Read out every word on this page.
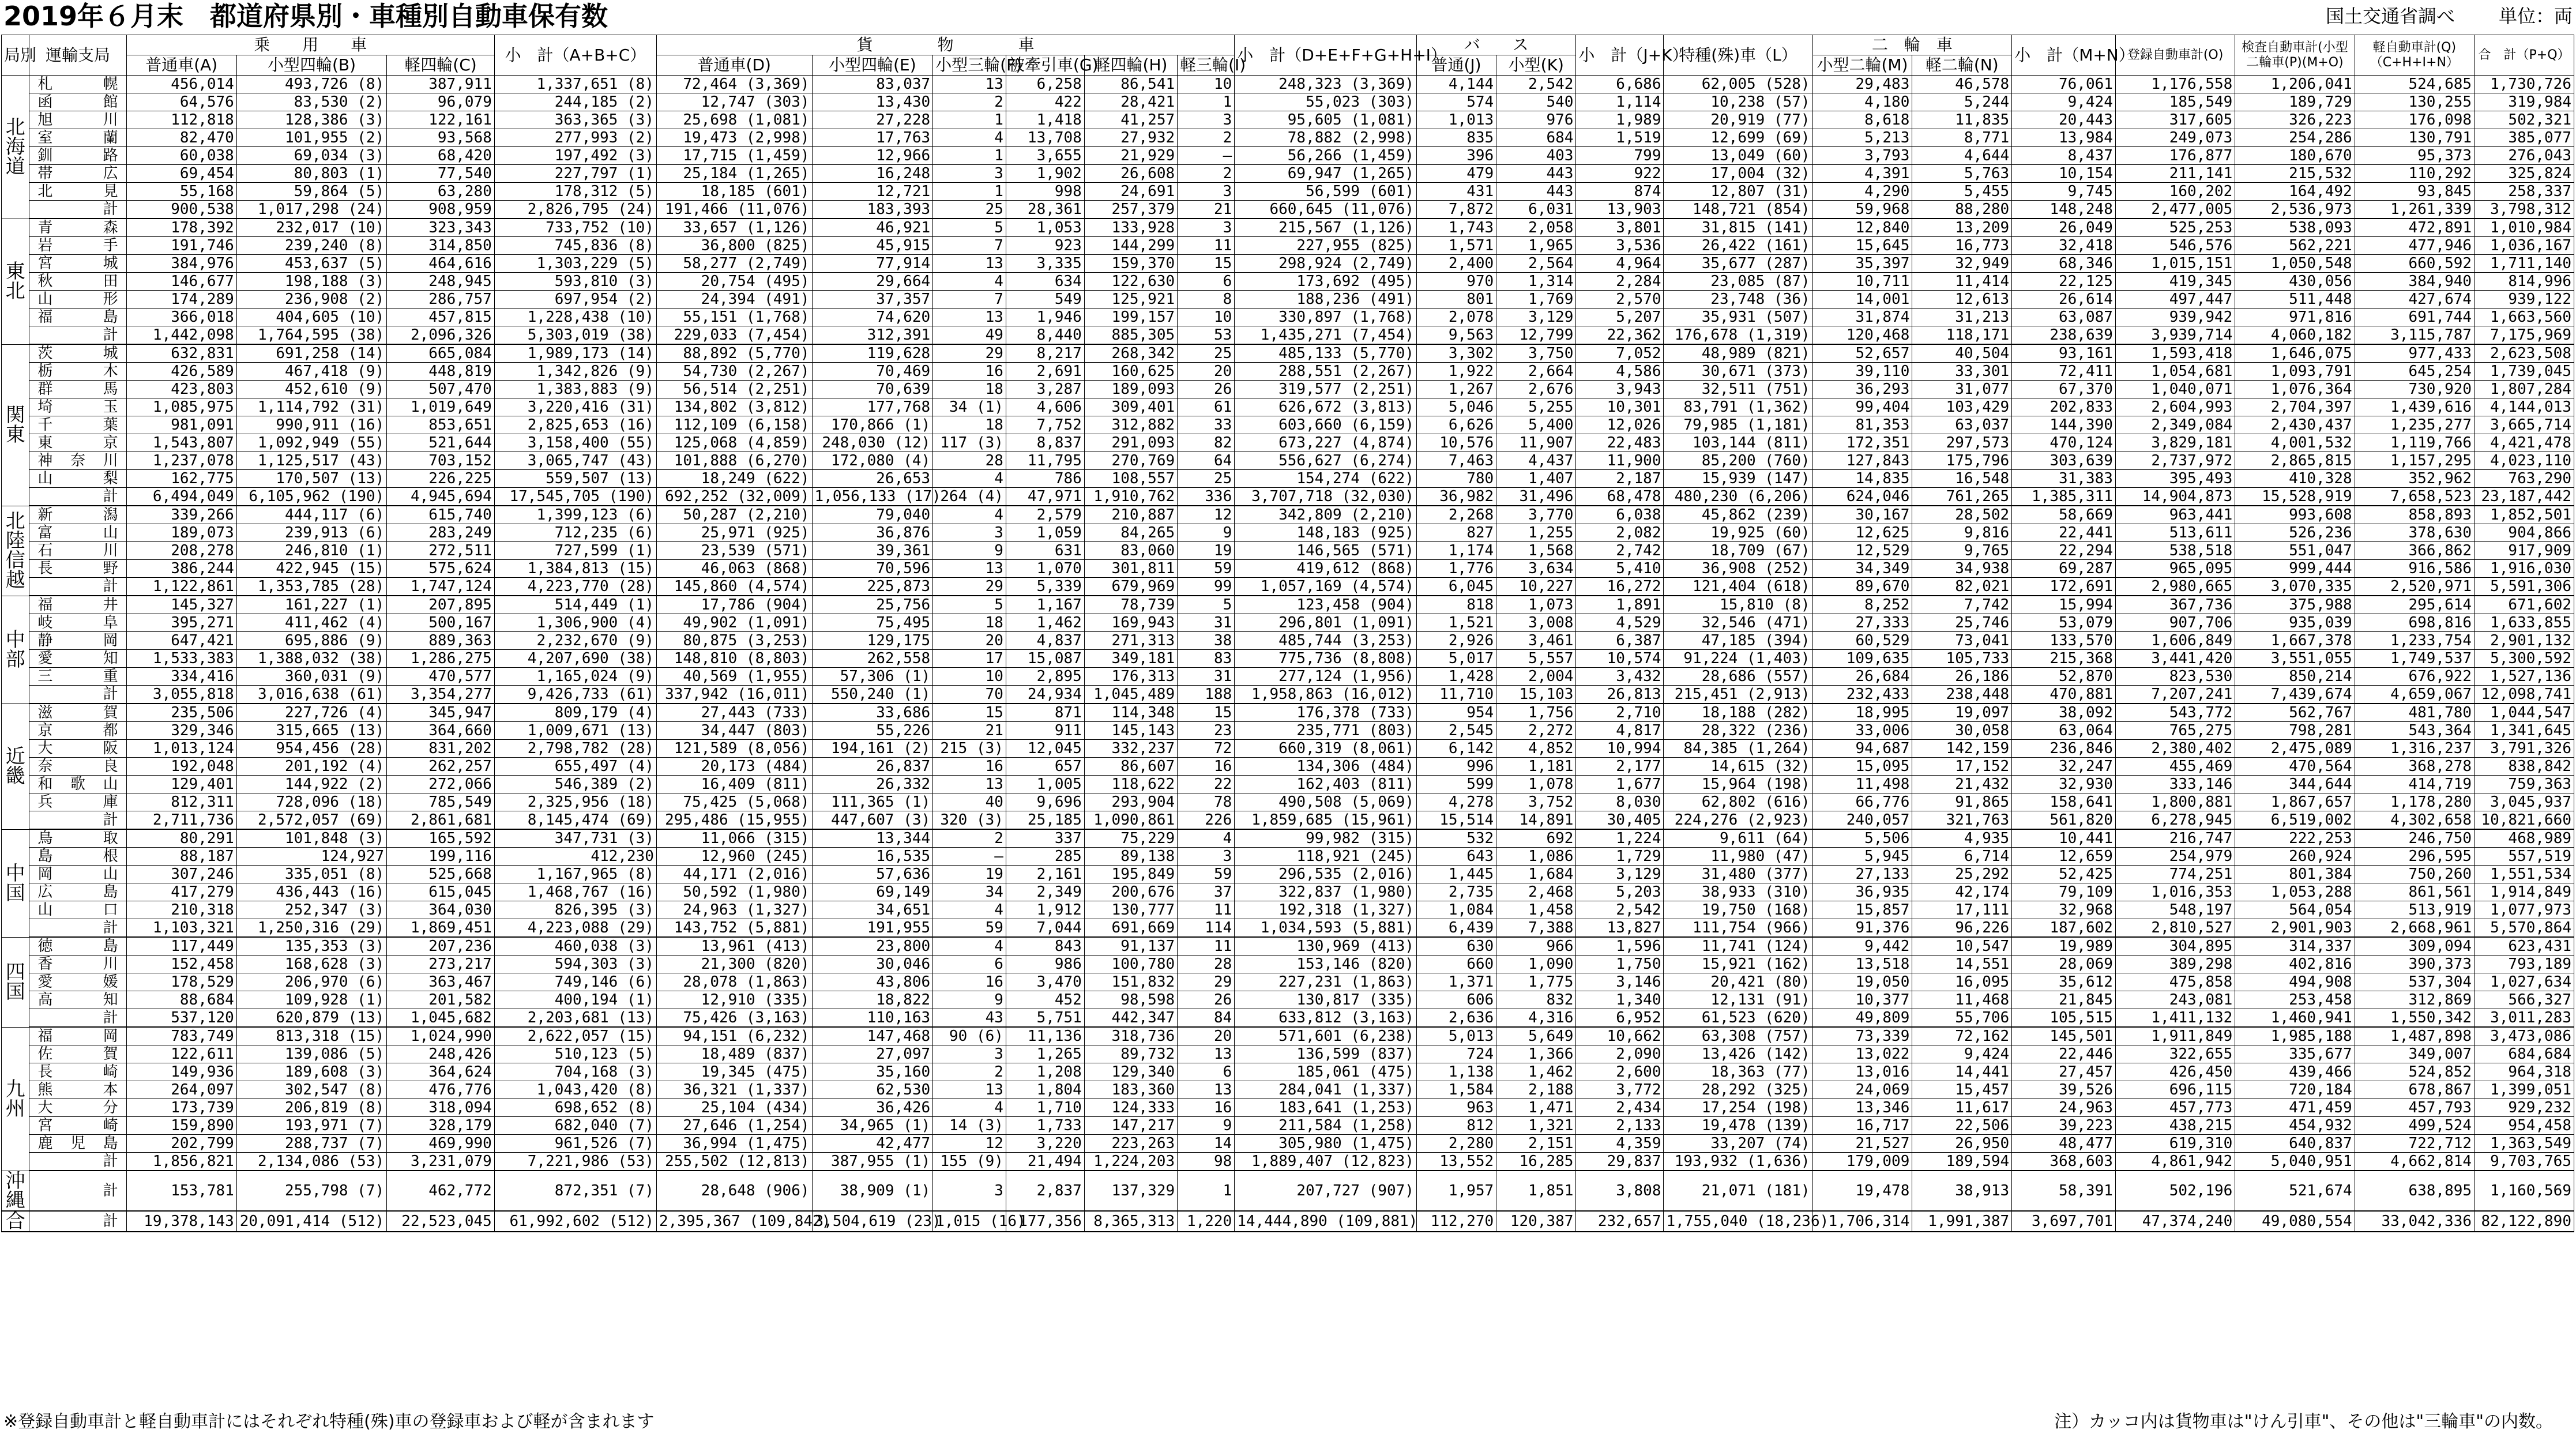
2019年６月末　都道府県別・車種別自動車保有数	国土交通省調べ 単位：両
局別	運輸支局	乗　　用　　車			小　計（A+B+C）	貨　　　　物　　　　車						小　計（D+E+F+G+H+I）	バ　　ス		小　計（J+K）	特種(殊)車（L）	二　輪　車		小　計（M+N）	登録自動車計(O)	検査自動車計(小型二輪車(P)(M+O)	軽自動車計(Q)（C+H+I+N）	合　計（P+Q）
		普通車(A)	小型四輪(B)	軽四輪(C)		普通車(D)	小型四輪(E)	小型三輪(F)	被牽引車(G)	軽四輪(H)	軽三輪(I)		普通(J)	小型(K)			小型二輪(M)	軽二輪(N)					
北海道	札幌	456,014	493,726 (8)	387,911	1,337,651 (8)	72,464 (3,369)	83,037	13	6,258	86,541	10	248,323 (3,369)	4,144	2,542	6,686	62,005 (528)	29,483	46,578	76,061	1,176,558	1,206,041	524,685	1,730,726
	函館	64,576	83,530 (2)	96,079	244,185 (2)	12,747 (303)	13,430	2	422	28,421	1	55,023 (303)	574	540	1,114	10,238 (57)	4,180	5,244	9,424	185,549	189,729	130,255	319,984
	旭川	112,818	128,386 (3)	122,161	363,365 (3)	25,698 (1,081)	27,228	1	1,418	41,257	3	95,605 (1,081)	1,013	976	1,989	20,919 (77)	8,618	11,835	20,443	317,605	326,223	176,098	502,321
	室蘭	82,470	101,955 (2)	93,568	277,993 (2)	19,473 (2,998)	17,763	4	13,708	27,932	2	78,882 (2,998)	835	684	1,519	12,699 (69)	5,213	8,771	13,984	249,073	254,286	130,791	385,077
	釧路	60,038	69,034 (3)	68,420	197,492 (3)	17,715 (1,459)	12,966	1	3,655	21,929	–	56,266 (1,459)	396	403	799	13,049 (60)	3,793	4,644	8,437	176,877	180,670	95,373	276,043
	帯広	69,454	80,803 (1)	77,540	227,797 (1)	25,184 (1,265)	16,248	3	1,902	26,608	2	69,947 (1,265)	479	443	922	17,004 (32)	4,391	5,763	10,154	211,141	215,532	110,292	325,824
	北見	55,168	59,864 (5)	63,280	178,312 (5)	18,185 (601)	12,721	1	998	24,691	3	56,599 (601)	431	443	874	12,807 (31)	4,290	5,455	9,745	160,202	164,492	93,845	258,337
	計	900,538	1,017,298 (24)	908,959	2,826,795 (24)	191,466 (11,076)	183,393	25	28,361	257,379	21	660,645 (11,076)	7,872	6,031	13,903	148,721 (854)	59,968	88,280	148,248	2,477,005	2,536,973	1,261,339	3,798,312
東北	青森	178,392	232,017 (10)	323,343	733,752 (10)	33,657 (1,126)	46,921	5	1,053	133,928	3	215,567 (1,126)	1,743	2,058	3,801	31,815 (141)	12,840	13,209	26,049	525,253	538,093	472,891	1,010,984
	岩手	191,746	239,240 (8)	314,850	745,836 (8)	36,800 (825)	45,915	7	923	144,299	11	227,955 (825)	1,571	1,965	3,536	26,422 (161)	15,645	16,773	32,418	546,576	562,221	477,946	1,036,167
	宮城	384,976	453,637 (5)	464,616	1,303,229 (5)	58,277 (2,749)	77,914	13	3,335	159,370	15	298,924 (2,749)	2,400	2,564	4,964	35,677 (287)	35,397	32,949	68,346	1,015,151	1,050,548	660,592	1,711,140
	秋田	146,677	198,188 (3)	248,945	593,810 (3)	20,754 (495)	29,664	4	634	122,630	6	173,692 (495)	970	1,314	2,284	23,085 (87)	10,711	11,414	22,125	419,345	430,056	384,940	814,996
	山形	174,289	236,908 (2)	286,757	697,954 (2)	24,394 (491)	37,357	7	549	125,921	8	188,236 (491)	801	1,769	2,570	23,748 (36)	14,001	12,613	26,614	497,447	511,448	427,674	939,122
	福島	366,018	404,605 (10)	457,815	1,228,438 (10)	55,151 (1,768)	74,620	13	1,946	199,157	10	330,897 (1,768)	2,078	3,129	5,207	35,931 (507)	31,874	31,213	63,087	939,942	971,816	691,744	1,663,560
	計	1,442,098	1,764,595 (38)	2,096,326	5,303,019 (38)	229,033 (7,454)	312,391	49	8,440	885,305	53	1,435,271 (7,454)	9,563	12,799	22,362	176,678 (1,319)	120,468	118,171	238,639	3,939,714	4,060,182	3,115,787	7,175,969
関東	茨城	632,831	691,258 (14)	665,084	1,989,173 (14)	88,892 (5,770)	119,628	29	8,217	268,342	25	485,133 (5,770)	3,302	3,750	7,052	48,989 (821)	52,657	40,504	93,161	1,593,418	1,646,075	977,433	2,623,508
	栃木	426,589	467,418 (9)	448,819	1,342,826 (9)	54,730 (2,267)	70,469	16	2,691	160,625	20	288,551 (2,267)	1,922	2,664	4,586	30,671 (373)	39,110	33,301	72,411	1,054,681	1,093,791	645,254	1,739,045
	群馬	423,803	452,610 (9)	507,470	1,383,883 (9)	56,514 (2,251)	70,639	18	3,287	189,093	26	319,577 (2,251)	1,267	2,676	3,943	32,511 (751)	36,293	31,077	67,370	1,040,071	1,076,364	730,920	1,807,284
	埼玉	1,085,975	1,114,792 (31)	1,019,649	3,220,416 (31)	134,802 (3,812)	177,768	34 (1)	4,606	309,401	61	626,672 (3,813)	5,046	5,255	10,301	83,791 (1,362)	99,404	103,429	202,833	2,604,993	2,704,397	1,439,616	4,144,013
	千葉	981,091	990,911 (16)	853,651	2,825,653 (16)	112,109 (6,158)	170,866 (1)	18	7,752	312,882	33	603,660 (6,159)	6,626	5,400	12,026	79,985 (1,181)	81,353	63,037	144,390	2,349,084	2,430,437	1,235,277	3,665,714
	東京	1,543,807	1,092,949 (55)	521,644	3,158,400 (55)	125,068 (4,859)	248,030 (12)	117 (3)	8,837	291,093	82	673,227 (4,874)	10,576	11,907	22,483	103,144 (811)	172,351	297,573	470,124	3,829,181	4,001,532	1,119,766	4,421,478
	神奈川	1,237,078	1,125,517 (43)	703,152	3,065,747 (43)	101,888 (6,270)	172,080 (4)	28	11,795	270,769	64	556,627 (6,274)	7,463	4,437	11,900	85,200 (760)	127,843	175,796	303,639	2,737,972	2,865,815	1,157,295	4,023,110
	山梨	162,775	170,507 (13)	226,225	559,507 (13)	18,249 (622)	26,653	4	786	108,557	25	154,274 (622)	780	1,407	2,187	15,939 (147)	14,835	16,548	31,383	395,493	410,328	352,962	763,290
	計	6,494,049	6,105,962 (190)	4,945,694	17,545,705 (190)	692,252 (32,009)	1,056,133 (17)	264 (4)	47,971	1,910,762	336	3,707,718 (32,030)	36,982	31,496	68,478	480,230 (6,206)	624,046	761,265	1,385,311	14,904,873	15,528,919	7,658,523	23,187,442
北陸信越	新潟	339,266	444,117 (6)	615,740	1,399,123 (6)	50,287 (2,210)	79,040	4	2,579	210,887	12	342,809 (2,210)	2,268	3,770	6,038	45,862 (239)	30,167	28,502	58,669	963,441	993,608	858,893	1,852,501
	富山	189,073	239,913 (6)	283,249	712,235 (6)	25,971 (925)	36,876	3	1,059	84,265	9	148,183 (925)	827	1,255	2,082	19,925 (60)	12,625	9,816	22,441	513,611	526,236	378,630	904,866
	石川	208,278	246,810 (1)	272,511	727,599 (1)	23,539 (571)	39,361	9	631	83,060	19	146,565 (571)	1,174	1,568	2,742	18,709 (67)	12,529	9,765	22,294	538,518	551,047	366,862	917,909
	長野	386,244	422,945 (15)	575,624	1,384,813 (15)	46,063 (868)	70,596	13	1,070	301,811	59	419,612 (868)	1,776	3,634	5,410	36,908 (252)	34,349	34,938	69,287	965,095	999,444	916,586	1,916,030
	計	1,122,861	1,353,785 (28)	1,747,124	4,223,770 (28)	145,860 (4,574)	225,873	29	5,339	679,969	99	1,057,169 (4,574)	6,045	10,227	16,272	121,404 (618)	89,670	82,021	172,691	2,980,665	3,070,335	2,520,971	5,591,306
中部	福井	145,327	161,227 (1)	207,895	514,449 (1)	17,786 (904)	25,756	5	1,167	78,739	5	123,458 (904)	818	1,073	1,891	15,810 (8)	8,252	7,742	15,994	367,736	375,988	295,614	671,602
	岐阜	395,271	411,462 (4)	500,167	1,306,900 (4)	49,902 (1,091)	75,495	18	1,462	169,943	31	296,801 (1,091)	1,521	3,008	4,529	32,546 (471)	27,333	25,746	53,079	907,706	935,039	698,816	1,633,855
	静岡	647,421	695,886 (9)	889,363	2,232,670 (9)	80,875 (3,253)	129,175	20	4,837	271,313	38	485,744 (3,253)	2,926	3,461	6,387	47,185 (394)	60,529	73,041	133,570	1,606,849	1,667,378	1,233,754	2,901,132
	愛知	1,533,383	1,388,032 (38)	1,286,275	4,207,690 (38)	148,810 (8,803)	262,558	17	15,087	349,181	83	775,736 (8,808)	5,017	5,557	10,574	91,224 (1,403)	109,635	105,733	215,368	3,441,420	3,551,055	1,749,537	5,300,592
	三重	334,416	360,031 (9)	470,577	1,165,024 (9)	40,569 (1,955)	57,306 (1)	10	2,895	176,313	31	277,124 (1,956)	1,428	2,004	3,432	28,686 (557)	26,684	26,186	52,870	823,530	850,214	676,922	1,527,136
	計	3,055,818	3,016,638 (61)	3,354,277	9,426,733 (61)	337,942 (16,011)	550,240 (1)	70	24,934	1,045,489	188	1,958,863 (16,012)	11,710	15,103	26,813	215,451 (2,913)	232,433	238,448	470,881	7,207,241	7,439,674	4,659,067	12,098,741
近畿	滋賀	235,506	227,726 (4)	345,947	809,179 (4)	27,443 (733)	33,686	15	871	114,348	15	176,378 (733)	954	1,756	2,710	18,188 (282)	18,995	19,097	38,092	543,772	562,767	481,780	1,044,547
	京都	329,346	315,665 (13)	364,660	1,009,671 (13)	34,447 (803)	55,226	21	911	145,143	23	235,771 (803)	2,545	2,272	4,817	28,322 (236)	33,006	30,058	63,064	765,275	798,281	543,364	1,341,645
	大阪	1,013,124	954,456 (28)	831,202	2,798,782 (28)	121,589 (8,056)	194,161 (2)	215 (3)	12,045	332,237	72	660,319 (8,061)	6,142	4,852	10,994	84,385 (1,264)	94,687	142,159	236,846	2,380,402	2,475,089	1,316,237	3,791,326
	奈良	192,048	201,192 (4)	262,257	655,497 (4)	20,173 (484)	26,837	16	657	86,607	16	134,306 (484)	996	1,181	2,177	14,615 (32)	15,095	17,152	32,247	455,469	470,564	368,278	838,842
	和歌山	129,401	144,922 (2)	272,066	546,389 (2)	16,409 (811)	26,332	13	1,005	118,622	22	162,403 (811)	599	1,078	1,677	15,964 (198)	11,498	21,432	32,930	333,146	344,644	414,719	759,363
	兵庫	812,311	728,096 (18)	785,549	2,325,956 (18)	75,425 (5,068)	111,365 (1)	40	9,696	293,904	78	490,508 (5,069)	4,278	3,752	8,030	62,802 (616)	66,776	91,865	158,641	1,800,881	1,867,657	1,178,280	3,045,937
	計	2,711,736	2,572,057 (69)	2,861,681	8,145,474 (69)	295,486 (15,955)	447,607 (3)	320 (3)	25,185	1,090,861	226	1,859,685 (15,961)	15,514	14,891	30,405	224,276 (2,923)	240,057	321,763	561,820	6,278,945	6,519,002	4,302,658	10,821,660
中国	鳥取	80,291	101,848 (3)	165,592	347,731 (3)	11,066 (315)	13,344	2	337	75,229	4	99,982 (315)	532	692	1,224	9,611 (64)	5,506	4,935	10,441	216,747	222,253	246,750	468,989
	島根	88,187	124,927	199,116	412,230	12,960 (245)	16,535	–	285	89,138	3	118,921 (245)	643	1,086	1,729	11,980 (47)	5,945	6,714	12,659	254,979	260,924	296,595	557,519
	岡山	307,246	335,051 (8)	525,668	1,167,965 (8)	44,171 (2,016)	57,636	19	2,161	195,849	59	296,535 (2,016)	1,445	1,684	3,129	31,480 (377)	27,133	25,292	52,425	774,251	801,384	750,260	1,551,534
	広島	417,279	436,443 (16)	615,045	1,468,767 (16)	50,592 (1,980)	69,149	34	2,349	200,676	37	322,837 (1,980)	2,735	2,468	5,203	38,933 (310)	36,935	42,174	79,109	1,016,353	1,053,288	861,561	1,914,849
	山口	210,318	252,347 (3)	364,030	826,395 (3)	24,963 (1,327)	34,651	4	1,912	130,777	11	192,318 (1,327)	1,084	1,458	2,542	19,750 (168)	15,857	17,111	32,968	548,197	564,054	513,919	1,077,973
	計	1,103,321	1,250,316 (29)	1,869,451	4,223,088 (29)	143,752 (5,881)	191,955	59	7,044	691,669	114	1,034,593 (5,881)	6,439	7,388	13,827	111,754 (966)	91,376	96,226	187,602	2,810,527	2,901,903	2,668,961	5,570,864
四国	徳島	117,449	135,353 (3)	207,236	460,038 (3)	13,961 (413)	23,800	4	843	91,137	11	130,969 (413)	630	966	1,596	11,741 (124)	9,442	10,547	19,989	304,895	314,337	309,094	623,431
	香川	152,458	168,628 (3)	273,217	594,303 (3)	21,300 (820)	30,046	6	986	100,780	28	153,146 (820)	660	1,090	1,750	15,921 (162)	13,518	14,551	28,069	389,298	402,816	390,373	793,189
	愛媛	178,529	206,970 (6)	363,467	749,146 (6)	28,078 (1,863)	43,806	16	3,470	151,832	29	227,231 (1,863)	1,371	1,775	3,146	20,421 (80)	19,050	16,095	35,612	475,858	494,908	537,304	1,027,634
	高知	88,684	109,928 (1)	201,582	400,194 (1)	12,910 (335)	18,822	9	452	98,598	26	130,817 (335)	606	832	1,340	12,131 (91)	10,377	11,468	21,845	243,081	253,458	312,869	566,327
	計	537,120	620,879 (13)	1,045,682	2,203,681 (13)	75,426 (3,163)	110,163	43	5,751	442,347	84	633,812 (3,163)	2,636	4,316	6,952	61,523 (620)	49,809	55,706	105,515	1,411,132	1,460,941	1,550,342	3,011,283
九州	福岡	783,749	813,318 (15)	1,024,990	2,622,057 (15)	94,151 (6,232)	147,468	90 (6)	11,136	318,736	20	571,601 (6,238)	5,013	5,649	10,662	63,308 (757)	73,339	72,162	145,501	1,911,849	1,985,188	1,487,898	3,473,086
	佐賀	122,611	139,086 (5)	248,426	510,123 (5)	18,489 (837)	27,097	3	1,265	89,732	13	136,599 (837)	724	1,366	2,090	13,426 (142)	13,022	9,424	22,446	322,655	335,677	349,007	684,684
	長崎	149,936	189,608 (3)	364,624	704,168 (3)	19,345 (475)	35,160	2	1,208	129,340	6	185,061 (475)	1,138	1,462	2,600	18,363 (77)	13,016	14,441	27,457	426,450	439,466	524,852	964,318
	熊本	264,097	302,547 (8)	476,776	1,043,420 (8)	36,321 (1,337)	62,530	13	1,804	183,360	13	284,041 (1,337)	1,584	2,188	3,772	28,292 (325)	24,069	15,457	39,526	696,115	720,184	678,867	1,399,051
	大分	173,739	206,819 (8)	318,094	698,652 (8)	25,104 (434)	36,426	4	1,710	124,333	16	183,641 (1,253)	963	1,471	2,434	17,254 (198)	13,346	11,617	24,963	457,773	471,459	457,793	929,232
	宮崎	159,890	193,971 (7)	328,179	682,040 (7)	27,646 (1,254)	34,965 (1)	14 (3)	1,733	147,217	9	211,584 (1,258)	812	1,321	2,133	19,478 (139)	16,717	22,506	39,223	438,215	454,932	499,524	954,458
	鹿児島	202,799	288,737 (7)	469,990	961,526 (7)	36,994 (1,475)	42,477	12	3,220	223,263	14	305,980 (1,475)	2,280	2,151	4,359	33,207 (74)	21,527	26,950	48,477	619,310	640,837	722,712	1,363,549
	計	1,856,821	2,134,086 (53)	3,231,079	7,221,986 (53)	255,502 (12,813)	387,955 (1)	155 (9)	21,494	1,224,203	98	1,889,407 (12,823)	13,552	16,285	29,837	193,932 (1,636)	179,009	189,594	368,603	4,861,942	5,040,951	4,662,814	9,703,765
沖縄	計	153,781	255,798 (7)	462,772	872,351 (7)	28,648 (906)	38,909 (1)	3	2,837	137,329	1	207,727 (907)	1,957	1,851	3,808	21,071 (181)	19,478	38,913	58,391	502,196	521,674	638,895	1,160,569
合	計	19,378,143	20,091,414 (512)	22,523,045	61,992,602 (512)	2,395,367 (109,842)	3,504,619 (23)	1,015 (16)	177,356	8,365,313	1,220	14,444,890 (109,881)	112,270	120,387	232,657	1,755,040 (18,236)	1,706,314	1,991,387	3,697,701	47,374,240	49,080,554	33,042,336	82,122,890
※登録自動車計と軽自動車計にはそれぞれ特種(殊)車の登録車および軽が含まれます	注）カッコ内は貨物車は"けん引車"、その他は"三輪車"の内数。
